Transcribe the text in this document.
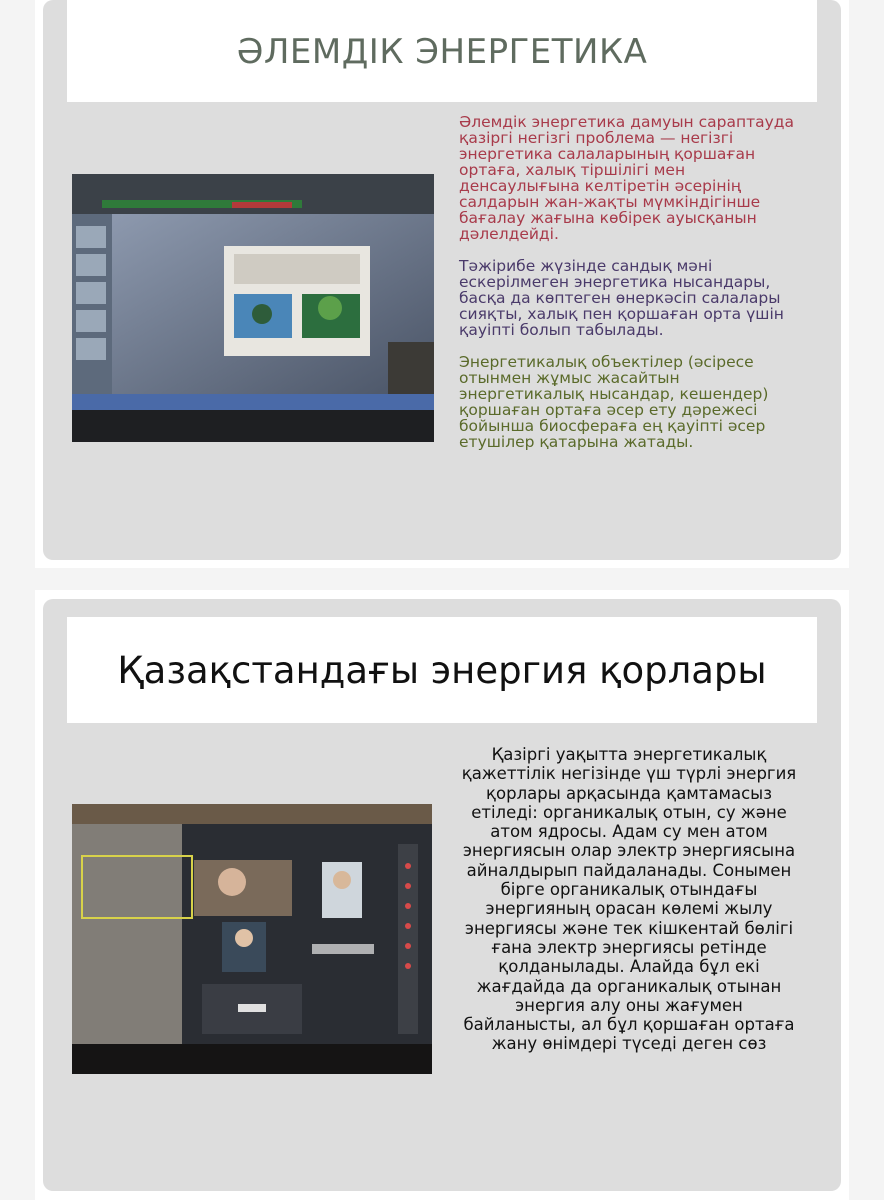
ӘЛЕМДІК ЭНЕРГЕТИКА

Әлемдік энергетика дамуын сараптауда қазіргі негізгі проблема — негізгі энергетика салаларының қоршаған ортаға, халық тіршілігі мен денсаулығына келтіретін әсерінің салдарын жан-жақты мүмкіндігінше бағалау жағына көбірек ауысқанын дәлелдейді.

Тәжірибе жүзінде сандық мәні ескерілмеген энергетика нысандары, басқа да көптеген өнеркәсіп салалары сияқты, халық пен қоршаған орта үшін қауіпті болып табылады.

Энергетикалық объектілер (әсіресе отынмен жұмыс жасайтын энергетикалық нысандар, кешендер) қоршаған ортаға әсер ету дәрежесі бойынша биосфераға ең қауіпті әсер етушілер қатарына жатады.

Қазақстандағы энергия қорлары

Қазіргі уақытта энергетикалық қажеттілік негізінде үш түрлі энергия қорлары арқасында қамтамасыз етіледі: органикалық отын, су және атом ядросы. Адам су мен атом энергиясын олар электр энергиясына айналдырып пайдаланады. Сонымен бірге органикалық отындағы энергияның орасан көлемі жылу энергиясы және тек кішкентай бөлігі ғана электр энергиясы ретінде қолданылады. Алайда бұл екі жағдайда да органикалық отынан энергия алу оны жағумен байланысты, ал бұл қоршаған ортаға жану өнімдері түседі деген сөз
